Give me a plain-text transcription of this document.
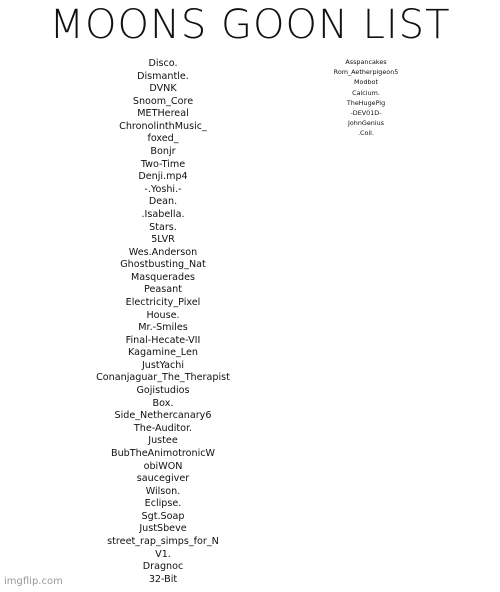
MOONS GOON LIST
Disco.
Dismantle.
DVNK
Snoom_Core
METHereal
ChronolinthMusic_
foxed_
Bonjr
Two-Time
Denji.mp4
-.Yoshi.-
Dean.
.Isabella.
Stars.
5LVR
Wes.Anderson
Ghostbusting_Nat
Masquerades
Peasant
Electricity_Pixel
House.
Mr.-Smiles
Final-Hecate-VII
Kagamine_Len
JustYachi
Conanjaguar_The_Therapist
Gojistudios
Box.
Side_Nethercanary6
The-Auditor.
Justee
BubTheAnimotronicW
obiWON
saucegiver
Wilson.
Eclipse.
Sgt.Soap
JustSbeve
street_rap_simps_for_N
V1.
Dragnoc
32-Bit
Asspancakes
Rom_Aetherpigeon5
Modbot
Calcium.
TheHugePig
-DEV01D-
JohnGenius
.Coil.
imgflip.com
